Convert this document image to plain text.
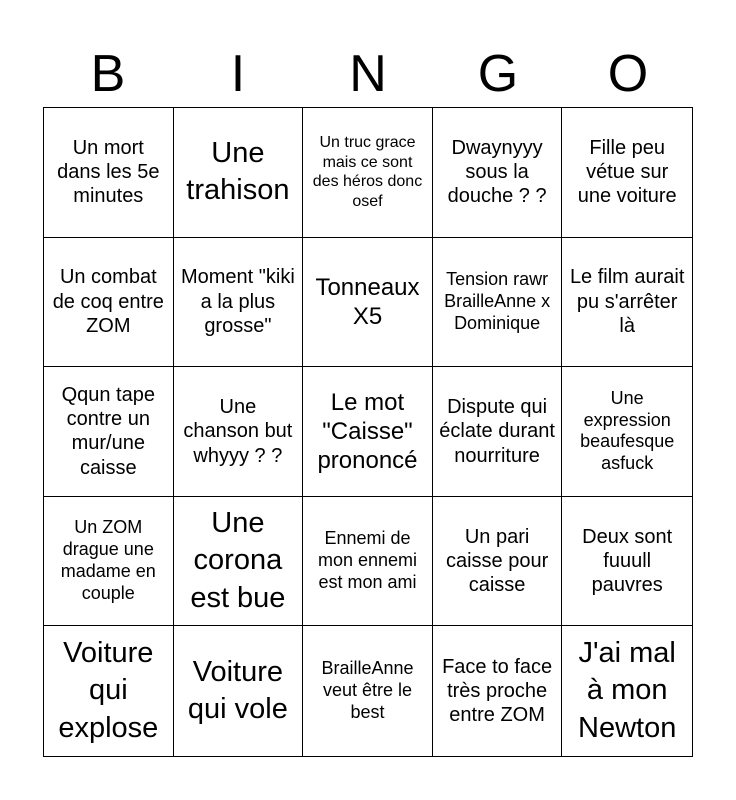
B	I	N	G	O
Un mort dans les 5e minutes
Une trahison
Un truc grace mais ce sont des héros donc osef
Dwaynyyy sous la douche ? ?
Fille peu vétue sur une voiture
Un combat de coq entre ZOM
Moment "kiki a la plus grosse"
Tonneaux X5
Tension rawr BrailleAnne x Dominique
Le film aurait pu s'arrêter là
Qqun tape contre un mur/une caisse
Une chanson but whyyy ? ?
Le mot "Caisse" prononcé
Dispute qui éclate durant nourriture
Une expression beaufesque asfuck
Un ZOM drague une madame en couple
Une corona est bue
Ennemi de mon ennemi est mon ami
Un pari caisse pour caisse
Deux sont fuuull pauvres
Voiture qui explose
Voiture qui vole
BrailleAnne veut être le best
Face to face très proche entre ZOM
J'ai mal à mon Newton
